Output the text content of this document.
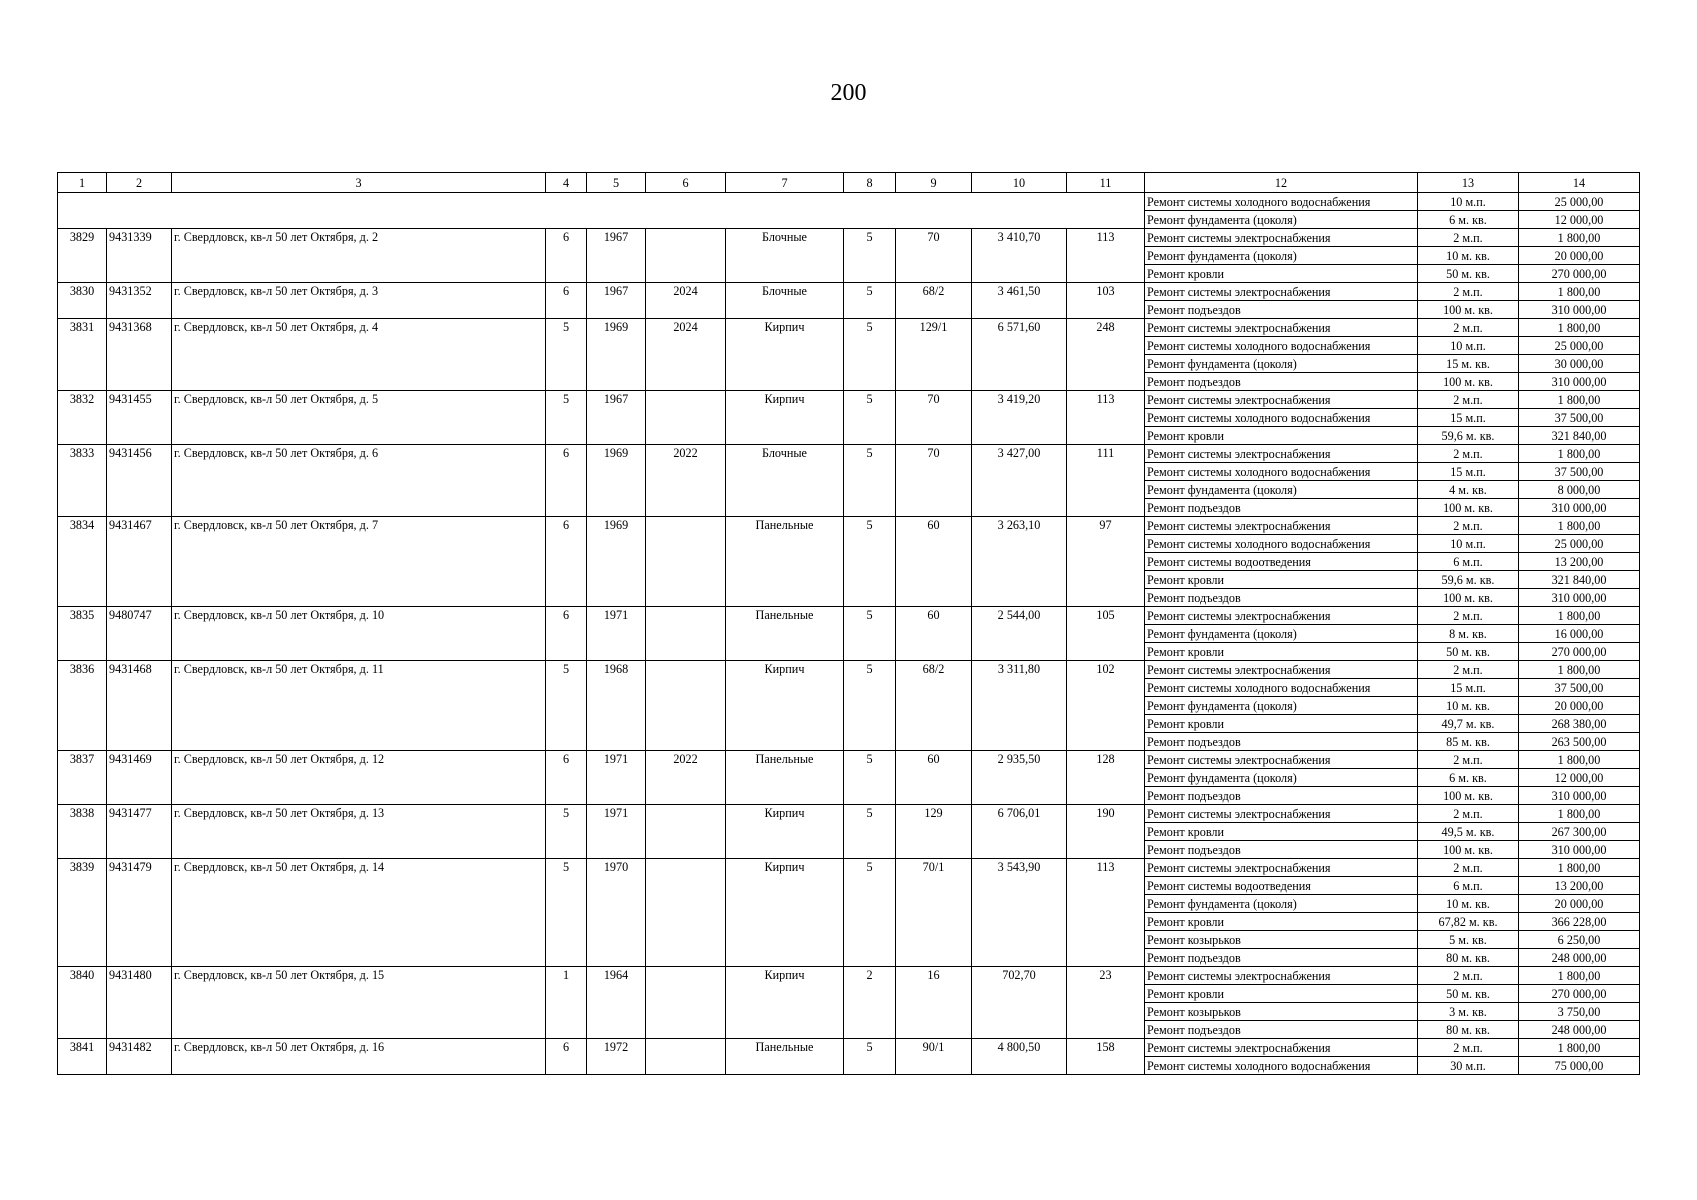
200
1	2	3	4	5	6	7	8	9	10	11	12	13	14
											Ремонт системы холодного водоснабжения	10 м.п.	25 000,00
											Ремонт фундамента (цоколя)	6 м. кв.	12 000,00
3829	9431339	г. Свердловск, кв-л 50 лет Октября, д. 2	6	1967		Блочные	5	70	3 410,70	113	Ремонт системы электроснабжения	2 м.п.	1 800,00
											Ремонт фундамента (цоколя)	10 м. кв.	20 000,00
											Ремонт кровли	50 м. кв.	270 000,00
3830	9431352	г. Свердловск, кв-л 50 лет Октября, д. 3	6	1967	2024	Блочные	5	68/2	3 461,50	103	Ремонт системы электроснабжения	2 м.п.	1 800,00
											Ремонт подъездов	100 м. кв.	310 000,00
3831	9431368	г. Свердловск, кв-л 50 лет Октября, д. 4	5	1969	2024	Кирпич	5	129/1	6 571,60	248	Ремонт системы электроснабжения	2 м.п.	1 800,00
											Ремонт системы холодного водоснабжения	10 м.п.	25 000,00
											Ремонт фундамента (цоколя)	15 м. кв.	30 000,00
											Ремонт подъездов	100 м. кв.	310 000,00
3832	9431455	г. Свердловск, кв-л 50 лет Октября, д. 5	5	1967		Кирпич	5	70	3 419,20	113	Ремонт системы электроснабжения	2 м.п.	1 800,00
											Ремонт системы холодного водоснабжения	15 м.п.	37 500,00
											Ремонт кровли	59,6 м. кв.	321 840,00
3833	9431456	г. Свердловск, кв-л 50 лет Октября, д. 6	6	1969	2022	Блочные	5	70	3 427,00	111	Ремонт системы электроснабжения	2 м.п.	1 800,00
											Ремонт системы холодного водоснабжения	15 м.п.	37 500,00
											Ремонт фундамента (цоколя)	4 м. кв.	8 000,00
											Ремонт подъездов	100 м. кв.	310 000,00
3834	9431467	г. Свердловск, кв-л 50 лет Октября, д. 7	6	1969		Панельные	5	60	3 263,10	97	Ремонт системы электроснабжения	2 м.п.	1 800,00
											Ремонт системы холодного водоснабжения	10 м.п.	25 000,00
											Ремонт системы водоотведения	6 м.п.	13 200,00
											Ремонт кровли	59,6 м. кв.	321 840,00
											Ремонт подъездов	100 м. кв.	310 000,00
3835	9480747	г. Свердловск, кв-л 50 лет Октября, д. 10	6	1971		Панельные	5	60	2 544,00	105	Ремонт системы электроснабжения	2 м.п.	1 800,00
											Ремонт фундамента (цоколя)	8 м. кв.	16 000,00
											Ремонт кровли	50 м. кв.	270 000,00
3836	9431468	г. Свердловск, кв-л 50 лет Октября, д. 11	5	1968		Кирпич	5	68/2	3 311,80	102	Ремонт системы электроснабжения	2 м.п.	1 800,00
											Ремонт системы холодного водоснабжения	15 м.п.	37 500,00
											Ремонт фундамента (цоколя)	10 м. кв.	20 000,00
											Ремонт кровли	49,7 м. кв.	268 380,00
											Ремонт подъездов	85 м. кв.	263 500,00
3837	9431469	г. Свердловск, кв-л 50 лет Октября, д. 12	6	1971	2022	Панельные	5	60	2 935,50	128	Ремонт системы электроснабжения	2 м.п.	1 800,00
											Ремонт фундамента (цоколя)	6 м. кв.	12 000,00
											Ремонт подъездов	100 м. кв.	310 000,00
3838	9431477	г. Свердловск, кв-л 50 лет Октября, д. 13	5	1971		Кирпич	5	129	6 706,01	190	Ремонт системы электроснабжения	2 м.п.	1 800,00
											Ремонт кровли	49,5 м. кв.	267 300,00
											Ремонт подъездов	100 м. кв.	310 000,00
3839	9431479	г. Свердловск, кв-л 50 лет Октября, д. 14	5	1970		Кирпич	5	70/1	3 543,90	113	Ремонт системы электроснабжения	2 м.п.	1 800,00
											Ремонт системы водоотведения	6 м.п.	13 200,00
											Ремонт фундамента (цоколя)	10 м. кв.	20 000,00
											Ремонт кровли	67,82 м. кв.	366 228,00
											Ремонт козырьков	5 м. кв.	6 250,00
											Ремонт подъездов	80 м. кв.	248 000,00
3840	9431480	г. Свердловск, кв-л 50 лет Октября, д. 15	1	1964		Кирпич	2	16	702,70	23	Ремонт системы электроснабжения	2 м.п.	1 800,00
											Ремонт кровли	50 м. кв.	270 000,00
											Ремонт козырьков	3 м. кв.	3 750,00
											Ремонт подъездов	80 м. кв.	248 000,00
3841	9431482	г. Свердловск, кв-л 50 лет Октября, д. 16	6	1972		Панельные	5	90/1	4 800,50	158	Ремонт системы электроснабжения	2 м.п.	1 800,00
											Ремонт системы холодного водоснабжения	30 м.п.	75 000,00
